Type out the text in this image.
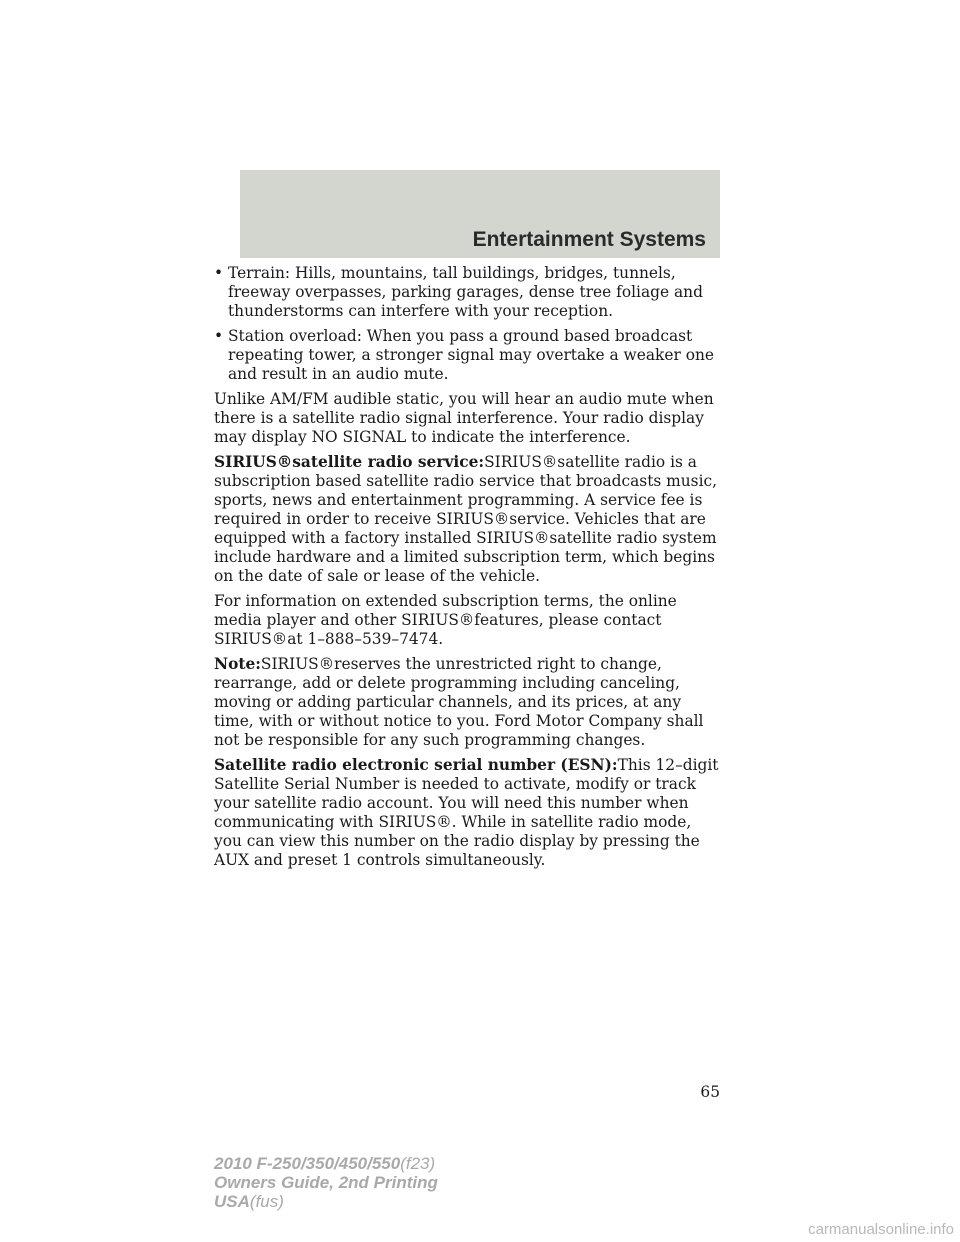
Entertainment Systems
• Terrain: Hills, mountains, tall buildings, bridges, tunnels, freeway overpasses, parking garages, dense tree foliage and thunderstorms can interfere with your reception.
• Station overload: When you pass a ground based broadcast repeating tower, a stronger signal may overtake a weaker one and result in an audio mute.

Unlike AM/FM audible static, you will hear an audio mute when there is a satellite radio signal interference. Your radio display may display NO SIGNAL to indicate the interference.

SIRIUS®satellite radio service:SIRIUS®satellite radio is a subscription based satellite radio service that broadcasts music, sports, news and entertainment programming. A service fee is required in order to receive SIRIUS®service. Vehicles that are equipped with a factory installed SIRIUS®satellite radio system include hardware and a limited subscription term, which begins on the date of sale or lease of the vehicle.

For information on extended subscription terms, the online media player and other SIRIUS®features, please contact SIRIUS®at 1–888–539–7474.

Note:SIRIUS®reserves the unrestricted right to change, rearrange, add or delete programming including canceling, moving or adding particular channels, and its prices, at any time, with or without notice to you. Ford Motor Company shall not be responsible for any such programming changes.

Satellite radio electronic serial number (ESN):This 12–digit Satellite Serial Number is needed to activate, modify or track your satellite radio account. You will need this number when communicating with SIRIUS®. While in satellite radio mode, you can view this number on the radio display by pressing the AUX and preset 1 controls simultaneously.

65
2010 F-250/350/450/550(f23)
Owners Guide, 2nd Printing
USA(fus)
carmanualsonline.info
